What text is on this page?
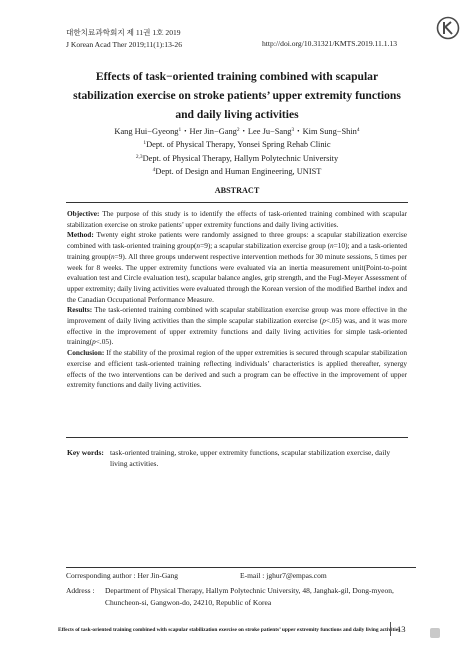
대한치료과학회지 제 11권 1호 2019
J Korean Acad Ther 2019;11(1):13-26	http://doi.org/10.31321/KMTS.2019.11.1.13
Effects of task−oriented training combined with scapular
stabilization exercise on stroke patients’ upper extremity functions
and daily living activities
Kang Hui−Gyeong$^1$ ･ Her Jin−Gang$^2$ ･ Lee Ju−Sang$^3$ ･ Kim Sung−Shin$^4$
$^1$Dept. of Physical Therapy, Yonsei Spring Rehab Clinic
$^{2,3}$Dept. of Physical Therapy, Hallym Polytechnic University
$^4$Dept. of Design and Human Engineering, UNIST
ABSTRACT

Objective: The purpose of this study is to identify the effects of task-oriented training combined with scapular stabilization exercise on stroke patients’ upper extremity functions and daily living activities.

Method: Twenty eight stroke patients were randomly assigned to three groups: a scapular stabilization exercise combined with task-oriented training group(n=9); a scapular stabilization exercise group (n=10); and a task-oriented training group(n=9). All three groups underwent respective intervention methods for 30 minute sessions, 5 times per week for 8 weeks. The upper extremity functions were evaluated via an inertia measurement unit(Point-to-point evaluation test and Circle evaluation test), scapular balance angles, grip strength, and the Fugl-Meyer Assessment of upper extremity; daily living activities were evaluated through the Korean version of the modified Barthel index and the Canadian Occupational Performance Measure.

Results: The task-oriented training combined with scapular stabilization exercise group was more effective in the improvement of daily living activities than the simple scapular stabilization exercise (p<.05) was, and it was more effective in the improvement of upper extremity functions and daily living activities for simple task-oriented training(p<.05).

Conclusion: If the stability of the proximal region of the upper extremities is secured through scapular stabilization exercise and efficient task-oriented training reflecting individuals’ characteristics is applied thereafter, synergy effects of the two interventions can be derived and such a program can be effective in the improvement of upper extremity functions and daily living activities.

Key words: task-oriented training, stroke, upper extremity functions, scapular stabilization exercise, daily living activities.
Corresponding author : Her Jin-Gang	E-mail : jghur7@empas.com
Address : Department of Physical Therapy, Hallym Polytechnic University, 48, Janghak-gil, Dong-myeon, Chuncheon-si, Gangwon-do, 24210, Republic of Korea
Effects of task-oriented training combined with scapular stabilization exercise on stroke patients’ upper extremity functions and daily living activities
13
